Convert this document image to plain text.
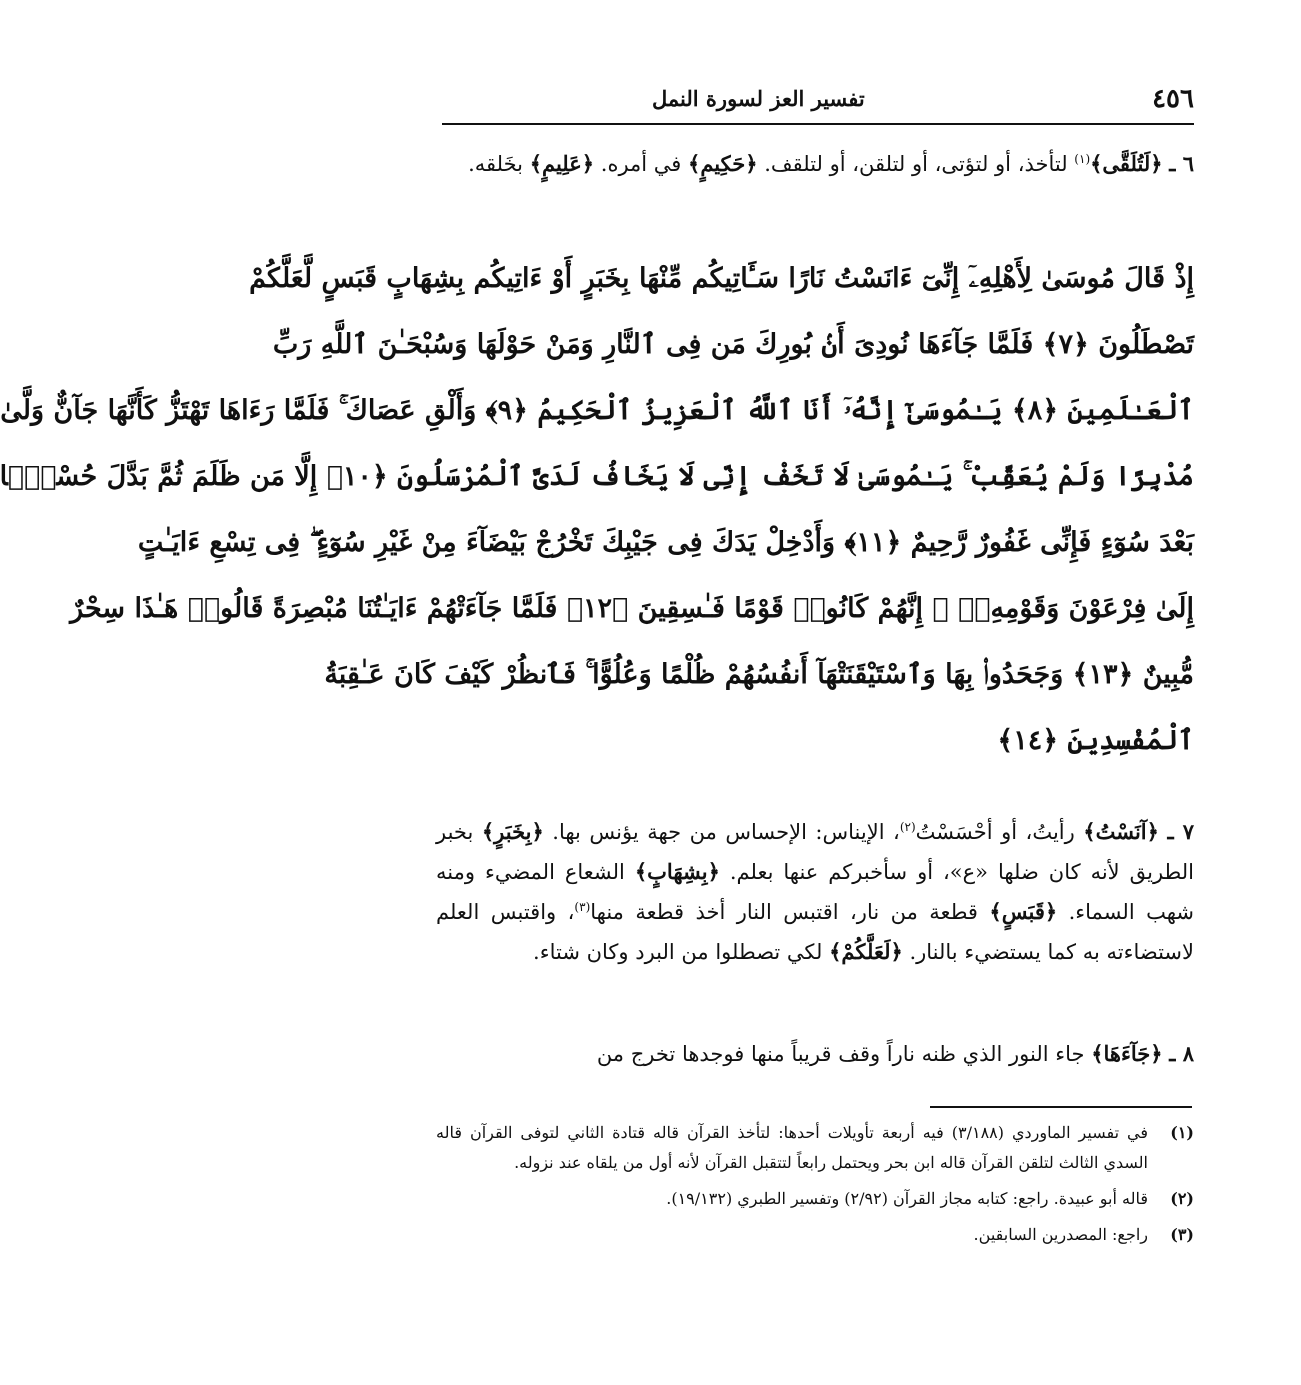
٤٥٦
تفسير العز لسورة النمل

٦ ـ ﴿لَتُلَقَّى﴾$^{(١)}$ لتأخذ، أو لتؤتى، أو لتلقن، أو لتلقف. ﴿حَكِيمٍ﴾ في أمره. ﴿عَلِيمٍ﴾ بخَلقه.

إِذْ قَالَ مُوسَىٰ لِأَهْلِهِۦٓ إِنِّىٓ ءَانَسْتُ نَارًا سَـَٔاتِيكُم مِّنْهَا بِخَبَرٍ أَوْ ءَاتِيكُم بِشِهَابٍ قَبَسٍ لَّعَلَّكُمْ
تَصْطَلُونَ ﴿٧﴾ فَلَمَّا جَآءَهَا نُودِىَ أَنۢ بُورِكَ مَن فِى ٱلنَّارِ وَمَنْ حَوْلَهَا وَسُبْحَـٰنَ ٱللَّهِ رَبِّ
ٱلْعَـٰلَمِينَ ﴿٨﴾ يَـٰمُوسَىٰٓ إِنَّهُۥٓ أَنَا ٱللَّهُ ٱلْعَزِيزُ ٱلْحَكِيمُ ﴿٩﴾ وَأَلْقِ عَصَاكَ ۚ فَلَمَّا رَءَاهَا تَهْتَزُّ كَأَنَّهَا جَآنٌّ وَلَّىٰ
مُدْبِرًا وَلَمْ يُعَقِّبْ ۚ يَـٰمُوسَىٰ لَا تَخَفْ إِنِّى لَا يَخَافُ لَدَىَّ ٱلْمُرْسَلُونَ ﴿١٠﴾ إِلَّا مَن ظَلَمَ ثُمَّ بَدَّلَ حُسْنًۢا
بَعْدَ سُوٓءٍ فَإِنِّى غَفُورٌ رَّحِيمٌ ﴿١١﴾ وَأَدْخِلْ يَدَكَ فِى جَيْبِكَ تَخْرُجْ بَيْضَآءَ مِنْ غَيْرِ سُوٓءٍ ۖ فِى تِسْعِ ءَايَـٰتٍ
إِلَىٰ فِرْعَوْنَ وَقَوْمِهِۦٓ ۚ إِنَّهُمْ كَانُوا۟ قَوْمًا فَـٰسِقِينَ ﴿١٢﴾ فَلَمَّا جَآءَتْهُمْ ءَايَـٰتُنَا مُبْصِرَةً قَالُوا۟ هَـٰذَا سِحْرٌ
مُّبِينٌ ﴿١٣﴾ وَجَحَدُوا۟ بِهَا وَٱسْتَيْقَنَتْهَآ أَنفُسُهُمْ ظُلْمًا وَعُلُوًّا ۚ فَٱنظُرْ كَيْفَ كَانَ عَـٰقِبَةُ
ٱلْمُفْسِدِينَ ﴿١٤﴾

٧ ـ ﴿آنَسْتُ﴾ رأيتُ، أو أحْسَسْتُ$^{(٢)}$، الإيناس: الإحساس من جهة يؤنس بها. ﴿بِخَبَرٍ﴾ بخبر الطريق لأنه كان ضلها «ع»، أو سأخبركم عنها بعلم. ﴿بِشِهَابٍ﴾ الشعاع المضيء ومنه شهب السماء. ﴿قَبَسٍ﴾ قطعة من نار، اقتبس النار أخذ قطعة منها$^{(٣)}$، واقتبس العلم لاستضاءته به كما يستضيء بالنار. ﴿لَعَلَّكُمْ﴾ لكي تصطلوا من البرد وكان شتاء.

٨ ـ ﴿جَآءَهَا﴾ جاء النور الذي ظنه ناراً وقف قريباً منها فوجدها تخرج من

(١)
في تفسير الماوردي (٣/١٨٨) فيه أربعة تأويلات أحدها: لتأخذ القرآن قاله قتادة الثاني لتوفى القرآن قاله السدي الثالث لتلقن القرآن قاله ابن بحر ويحتمل رابعاً لتتقبل القرآن لأنه أول من يلقاه عند نزوله.
(٢)
قاله أبو عبيدة. راجع: كتابه مجاز القرآن (٢/٩٢) وتفسير الطبري (١٩/١٣٢).
(٣)
راجع: المصدرين السابقين.
